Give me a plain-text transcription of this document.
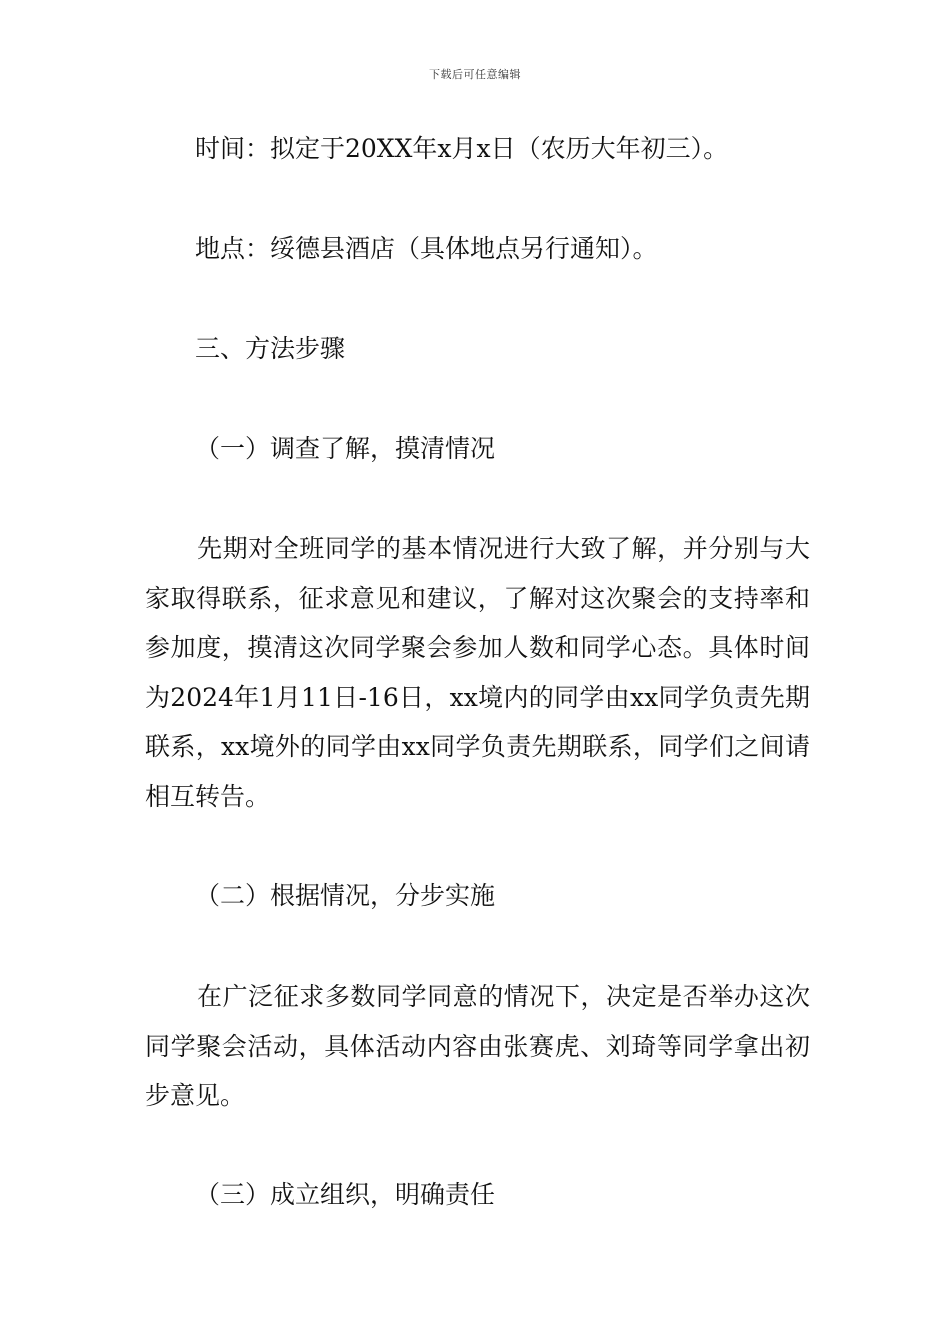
下载后可任意编辑
时间：拟定于20XX年x月x日（农历大年初三）。
地点：绥德县酒店（具体地点另行通知）。
三、方法步骤
（一）调查了解，摸清情况
先期对全班同学的基本情况进行大致了解，并分别与大家取得联系，征求意见和建议，了解对这次聚会的支持率和参加度，摸清这次同学聚会参加人数和同学心态。具体时间为2024年1月11日-16日，xx境内的同学由xx同学负责先期联系，xx境外的同学由xx同学负责先期联系，同学们之间请相互转告。
（二）根据情况，分步实施
在广泛征求多数同学同意的情况下，决定是否举办这次同学聚会活动，具体活动内容由张赛虎、刘琦等同学拿出初步意见。
（三）成立组织，明确责任
